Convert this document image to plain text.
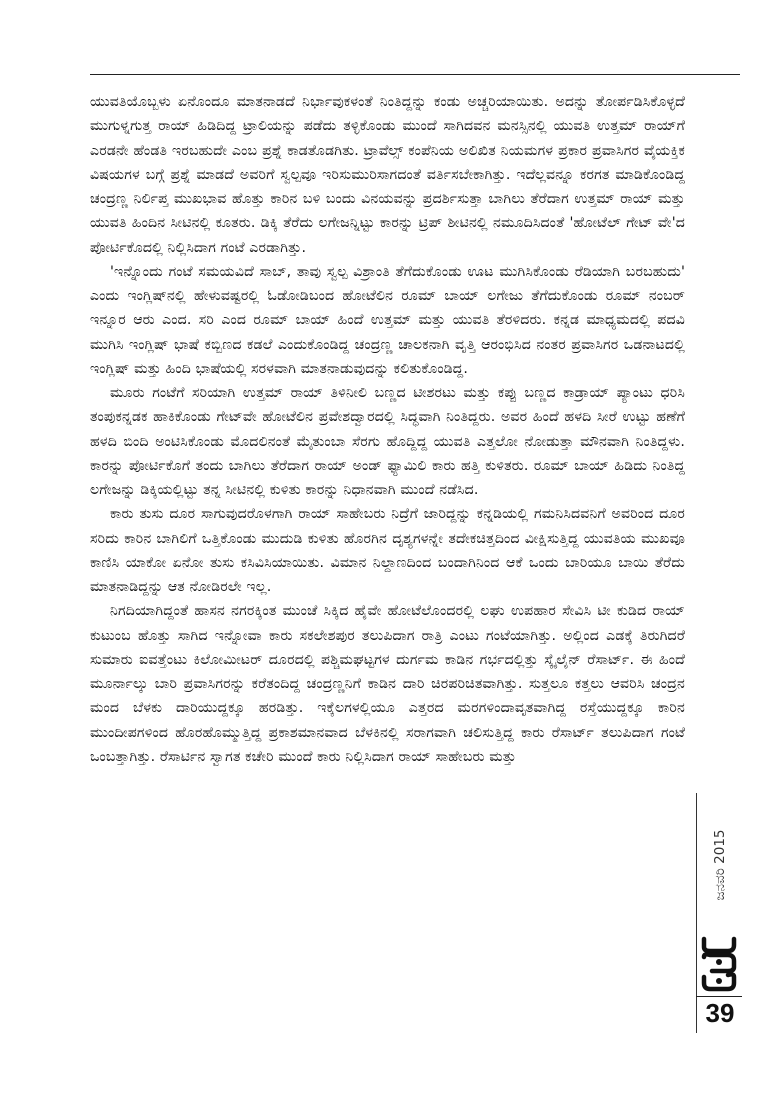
ಯುವತಿಯೊಬ್ಬಳು ಏನೊಂದೂ ಮಾತನಾಡದೆ ನಿರ್ಭಾವುಕಳಂತೆ ನಿಂತಿದ್ದನ್ನು ಕಂಡು ಅಚ್ಚರಿಯಾಯಿತು. ಅದನ್ನು ತೋರ್ಪಡಿಸಿಕೊಳ್ಳದೆ ಮುಗುಳ್ನಗುತ್ತ ರಾಯ್ ಹಿಡಿದಿದ್ದ ಟ್ರಾಲಿಯನ್ನು ಪಡೆದು ತಳ್ಳಿಕೊಂಡು ಮುಂದೆ ಸಾಗಿದವನ ಮನಸ್ಸಿನಲ್ಲಿ ಯುವತಿ ಉತ್ತಮ್ ರಾಯ್‌ಗೆ ಎರಡನೇ ಹೆಂಡತಿ ಇರಬಹುದೇ ಎಂಬ ಪ್ರಶ್ನೆ ಕಾಡತೊಡಗಿತು. ಟ್ರಾವೆಲ್ಸ್ ಕಂಪೆನಿಯ ಅಲಿಖಿತ ನಿಯಮಗಳ ಪ್ರಕಾರ ಪ್ರವಾಸಿಗರ ವೈಯಕ್ತಿಕ ವಿಷಯಗಳ ಬಗ್ಗೆ ಪ್ರಶ್ನೆ ಮಾಡದೆ ಅವರಿಗೆ ಸ್ವಲ್ಪವೂ ಇರಿಸುಮುರಿಸಾಗದಂತೆ ವರ್ತಿಸಬೇಕಾಗಿತ್ತು. ಇದೆಲ್ಲವನ್ನೂ ಕರಗತ ಮಾಡಿಕೊಂಡಿದ್ದ ಚಂದ್ರಣ್ಣ ನಿರ್ಲಿಪ್ತ ಮುಖಭಾವ ಹೊತ್ತು ಕಾರಿನ ಬಳಿ ಬಂದು ವಿನಯವನ್ನು ಪ್ರದರ್ಶಿಸುತ್ತಾ ಬಾಗಿಲು ತೆರೆದಾಗ ಉತ್ತಮ್ ರಾಯ್ ಮತ್ತು ಯುವತಿ ಹಿಂದಿನ ಸೀಟಿನಲ್ಲಿ ಕೂತರು. ಡಿಕ್ಕಿ ತೆರೆದು ಲಗೇಜನ್ನಿಟ್ಟು ಕಾರನ್ನು ಟ್ರಿಪ್ ಶೀಟಿನಲ್ಲಿ ನಮೂದಿಸಿದಂತೆ 'ಹೋಟೆಲ್ ಗೇಟ್ ವೇ'ದ ಪೋರ್ಟಿಕೊದಲ್ಲಿ ನಿಲ್ಲಿಸಿದಾಗ ಗಂಟೆ ಎರಡಾಗಿತ್ತು.

'ಇನ್ನೊಂದು ಗಂಟೆ ಸಮಯವಿದೆ ಸಾಬ್, ತಾವು ಸ್ವಲ್ಪ ವಿಶ್ರಾಂತಿ ತೆಗೆದುಕೊಂಡು ಊಟ ಮುಗಿಸಿಕೊಂಡು ರೆಡಿಯಾಗಿ ಬರಬಹುದು' ಎಂದು ಇಂಗ್ಲಿಷ್‌ನಲ್ಲಿ ಹೇಳುವಷ್ಟರಲ್ಲಿ ಓಡೋಡಿಬಂದ ಹೋಟೆಲಿನ ರೂಮ್ ಬಾಯ್ ಲಗೇಜು ತೆಗೆದುಕೊಂಡು ರೂಮ್ ನಂಬರ್ ಇನ್ನೂರ ಆರು ಎಂದ. ಸರಿ ಎಂದ ರೂಮ್ ಬಾಯ್ ಹಿಂದೆ ಉತ್ತಮ್ ಮತ್ತು ಯುವತಿ ತೆರಳಿದರು. ಕನ್ನಡ ಮಾಧ್ಯಮದಲ್ಲಿ ಪದವಿ ಮುಗಿಸಿ ಇಂಗ್ಲಿಷ್ ಭಾಷೆ ಕಬ್ಬಿಣದ ಕಡಲೆ ಎಂದುಕೊಂಡಿದ್ದ ಚಂದ್ರಣ್ಣ ಚಾಲಕನಾಗಿ ವೃತ್ತಿ ಆರಂಭಿಸಿದ ನಂತರ ಪ್ರವಾಸಿಗರ ಒಡನಾಟದಲ್ಲಿ ಇಂಗ್ಲಿಷ್ ಮತ್ತು ಹಿಂದಿ ಭಾಷೆಯಲ್ಲಿ ಸರಳವಾಗಿ ಮಾತನಾಡುವುದನ್ನು ಕಲಿತುಕೊಂಡಿದ್ದ.

ಮೂರು ಗಂಟೆಗೆ ಸರಿಯಾಗಿ ಉತ್ತಮ್ ರಾಯ್ ತಿಳಿನೀಲಿ ಬಣ್ಣದ ಟೀಶರಟು ಮತ್ತು ಕಪ್ಪು ಬಣ್ಣದ ಕಾಡ್ರಾಯ್ ಪ್ಯಾಂಟು ಧರಿಸಿ ತಂಪುಕನ್ನಡಕ ಹಾಕಿಕೊಂಡು ಗೇಟ್‌ವೇ ಹೋಟೆಲಿನ ಪ್ರವೇಶದ್ವಾರದಲ್ಲಿ ಸಿದ್ಧವಾಗಿ ನಿಂತಿದ್ದರು. ಅವರ ಹಿಂದೆ ಹಳದಿ ಸೀರೆ ಉಟ್ಟು ಹಣೆಗೆ ಹಳದಿ ಬಿಂದಿ ಅಂಟಿಸಿಕೊಂಡು ಮೊದಲಿನಂತೆ ಮೈತುಂಬಾ ಸೆರಗು ಹೊದ್ದಿದ್ದ ಯುವತಿ ಎತ್ತಲೋ ನೋಡುತ್ತಾ ಮೌನವಾಗಿ ನಿಂತಿದ್ದಳು. ಕಾರನ್ನು ಪೋರ್ಟಿಕೊಗೆ ತಂದು ಬಾಗಿಲು ತೆರೆದಾಗ ರಾಯ್ ಅಂಡ್ ಫ್ಯಾಮಿಲಿ ಕಾರು ಹತ್ತಿ ಕುಳಿತರು. ರೂಮ್ ಬಾಯ್ ಹಿಡಿದು ನಿಂತಿದ್ದ ಲಗೇಜನ್ನು ಡಿಕ್ಕಿಯಲ್ಲಿಟ್ಟು ತನ್ನ ಸೀಟಿನಲ್ಲಿ ಕುಳಿತು ಕಾರನ್ನು ನಿಧಾನವಾಗಿ ಮುಂದೆ ನಡೆಸಿದ.

ಕಾರು ತುಸು ದೂರ ಸಾಗುವುದರೊಳಗಾಗಿ ರಾಯ್ ಸಾಹೇಬರು ನಿದ್ರೆಗೆ ಜಾರಿದ್ದನ್ನು ಕನ್ನಡಿಯಲ್ಲಿ ಗಮನಿಸಿದವನಿಗೆ ಅವರಿಂದ ದೂರ ಸರಿದು ಕಾರಿನ ಬಾಗಿಲಿಗೆ ಒತ್ತಿಕೊಂಡು ಮುದುಡಿ ಕುಳಿತು ಹೊರಗಿನ ದೃಶ್ಯಗಳನ್ನೇ ತದೇಕಚಿತ್ತದಿಂದ ವೀಕ್ಷಿಸುತ್ತಿದ್ದ ಯುವತಿಯ ಮುಖವೂ ಕಾಣಿಸಿ ಯಾಕೋ ಏನೋ ತುಸು ಕಸಿವಿಸಿಯಾಯಿತು. ವಿಮಾನ ನಿಲ್ದಾಣದಿಂದ ಬಂದಾಗಿನಿಂದ ಆಕೆ ಒಂದು ಬಾರಿಯೂ ಬಾಯಿ ತೆರೆದು ಮಾತನಾಡಿದ್ದನ್ನು ಆತ ನೋಡಿರಲೇ ಇಲ್ಲ.

ನಿಗದಿಯಾಗಿದ್ದಂತೆ ಹಾಸನ ನಗರಕ್ಕಿಂತ ಮುಂಚೆ ಸಿಕ್ಕಿದ ಹೈವೇ ಹೋಟೆಲೊಂದರಲ್ಲಿ ಲಘು ಉಪಹಾರ ಸೇವಿಸಿ ಟೀ ಕುಡಿದ ರಾಯ್ ಕುಟುಂಬ ಹೊತ್ತು ಸಾಗಿದ ಇನ್ನೋವಾ ಕಾರು ಸಕಲೇಶಪುರ ತಲುಪಿದಾಗ ರಾತ್ರಿ ಎಂಟು ಗಂಟೆಯಾಗಿತ್ತು. ಅಲ್ಲಿಂದ ಎಡಕ್ಕೆ ತಿರುಗಿದರೆ ಸುಮಾರು ಐವತ್ತೆಂಟು ಕಿಲೋಮೀಟರ್ ದೂರದಲ್ಲಿ ಪಶ್ಚಿಮಘಟ್ಟಗಳ ದುರ್ಗಮ ಕಾಡಿನ ಗರ್ಭದಲ್ಲಿತ್ತು ಸ್ಕೈಲೈನ್ ರೆಸಾರ್ಟ್. ಈ ಹಿಂದೆ ಮೂರ್ನಾಲ್ಕು ಬಾರಿ ಪ್ರವಾಸಿಗರನ್ನು ಕರೆತಂದಿದ್ದ ಚಂದ್ರಣ್ಣನಿಗೆ ಕಾಡಿನ ದಾರಿ ಚಿರಪರಿಚಿತವಾಗಿತ್ತು. ಸುತ್ತಲೂ ಕತ್ತಲು ಆವರಿಸಿ ಚಂದ್ರನ ಮಂದ ಬೆಳಕು ದಾರಿಯುದ್ದಕ್ಕೂ ಹರಡಿತ್ತು. ಇಕ್ಕೆಲಗಳಲ್ಲಿಯೂ ಎತ್ತರದ ಮರಗಳಿಂದಾವೃತವಾಗಿದ್ದ ರಸ್ತೆಯುದ್ದಕ್ಕೂ ಕಾರಿನ ಮುಂದೀಪಗಳಿಂದ ಹೊರಹೊಮ್ಮುತ್ತಿದ್ದ ಪ್ರಕಾಶಮಾನವಾದ ಬೆಳಕಿನಲ್ಲಿ ಸರಾಗವಾಗಿ ಚಲಿಸುತ್ತಿದ್ದ ಕಾರು ರೆಸಾರ್ಟ್ ತಲುಪಿದಾಗ ಗಂಟೆ ಒಂಬತ್ತಾಗಿತ್ತು. ರೆಸಾರ್ಟಿನ ಸ್ವಾಗತ ಕಚೇರಿ ಮುಂದೆ ಕಾರು ನಿಲ್ಲಿಸಿದಾಗ ರಾಯ್ ಸಾಹೇಬರು ಮತ್ತು

ಜನವರಿ 2015
39
